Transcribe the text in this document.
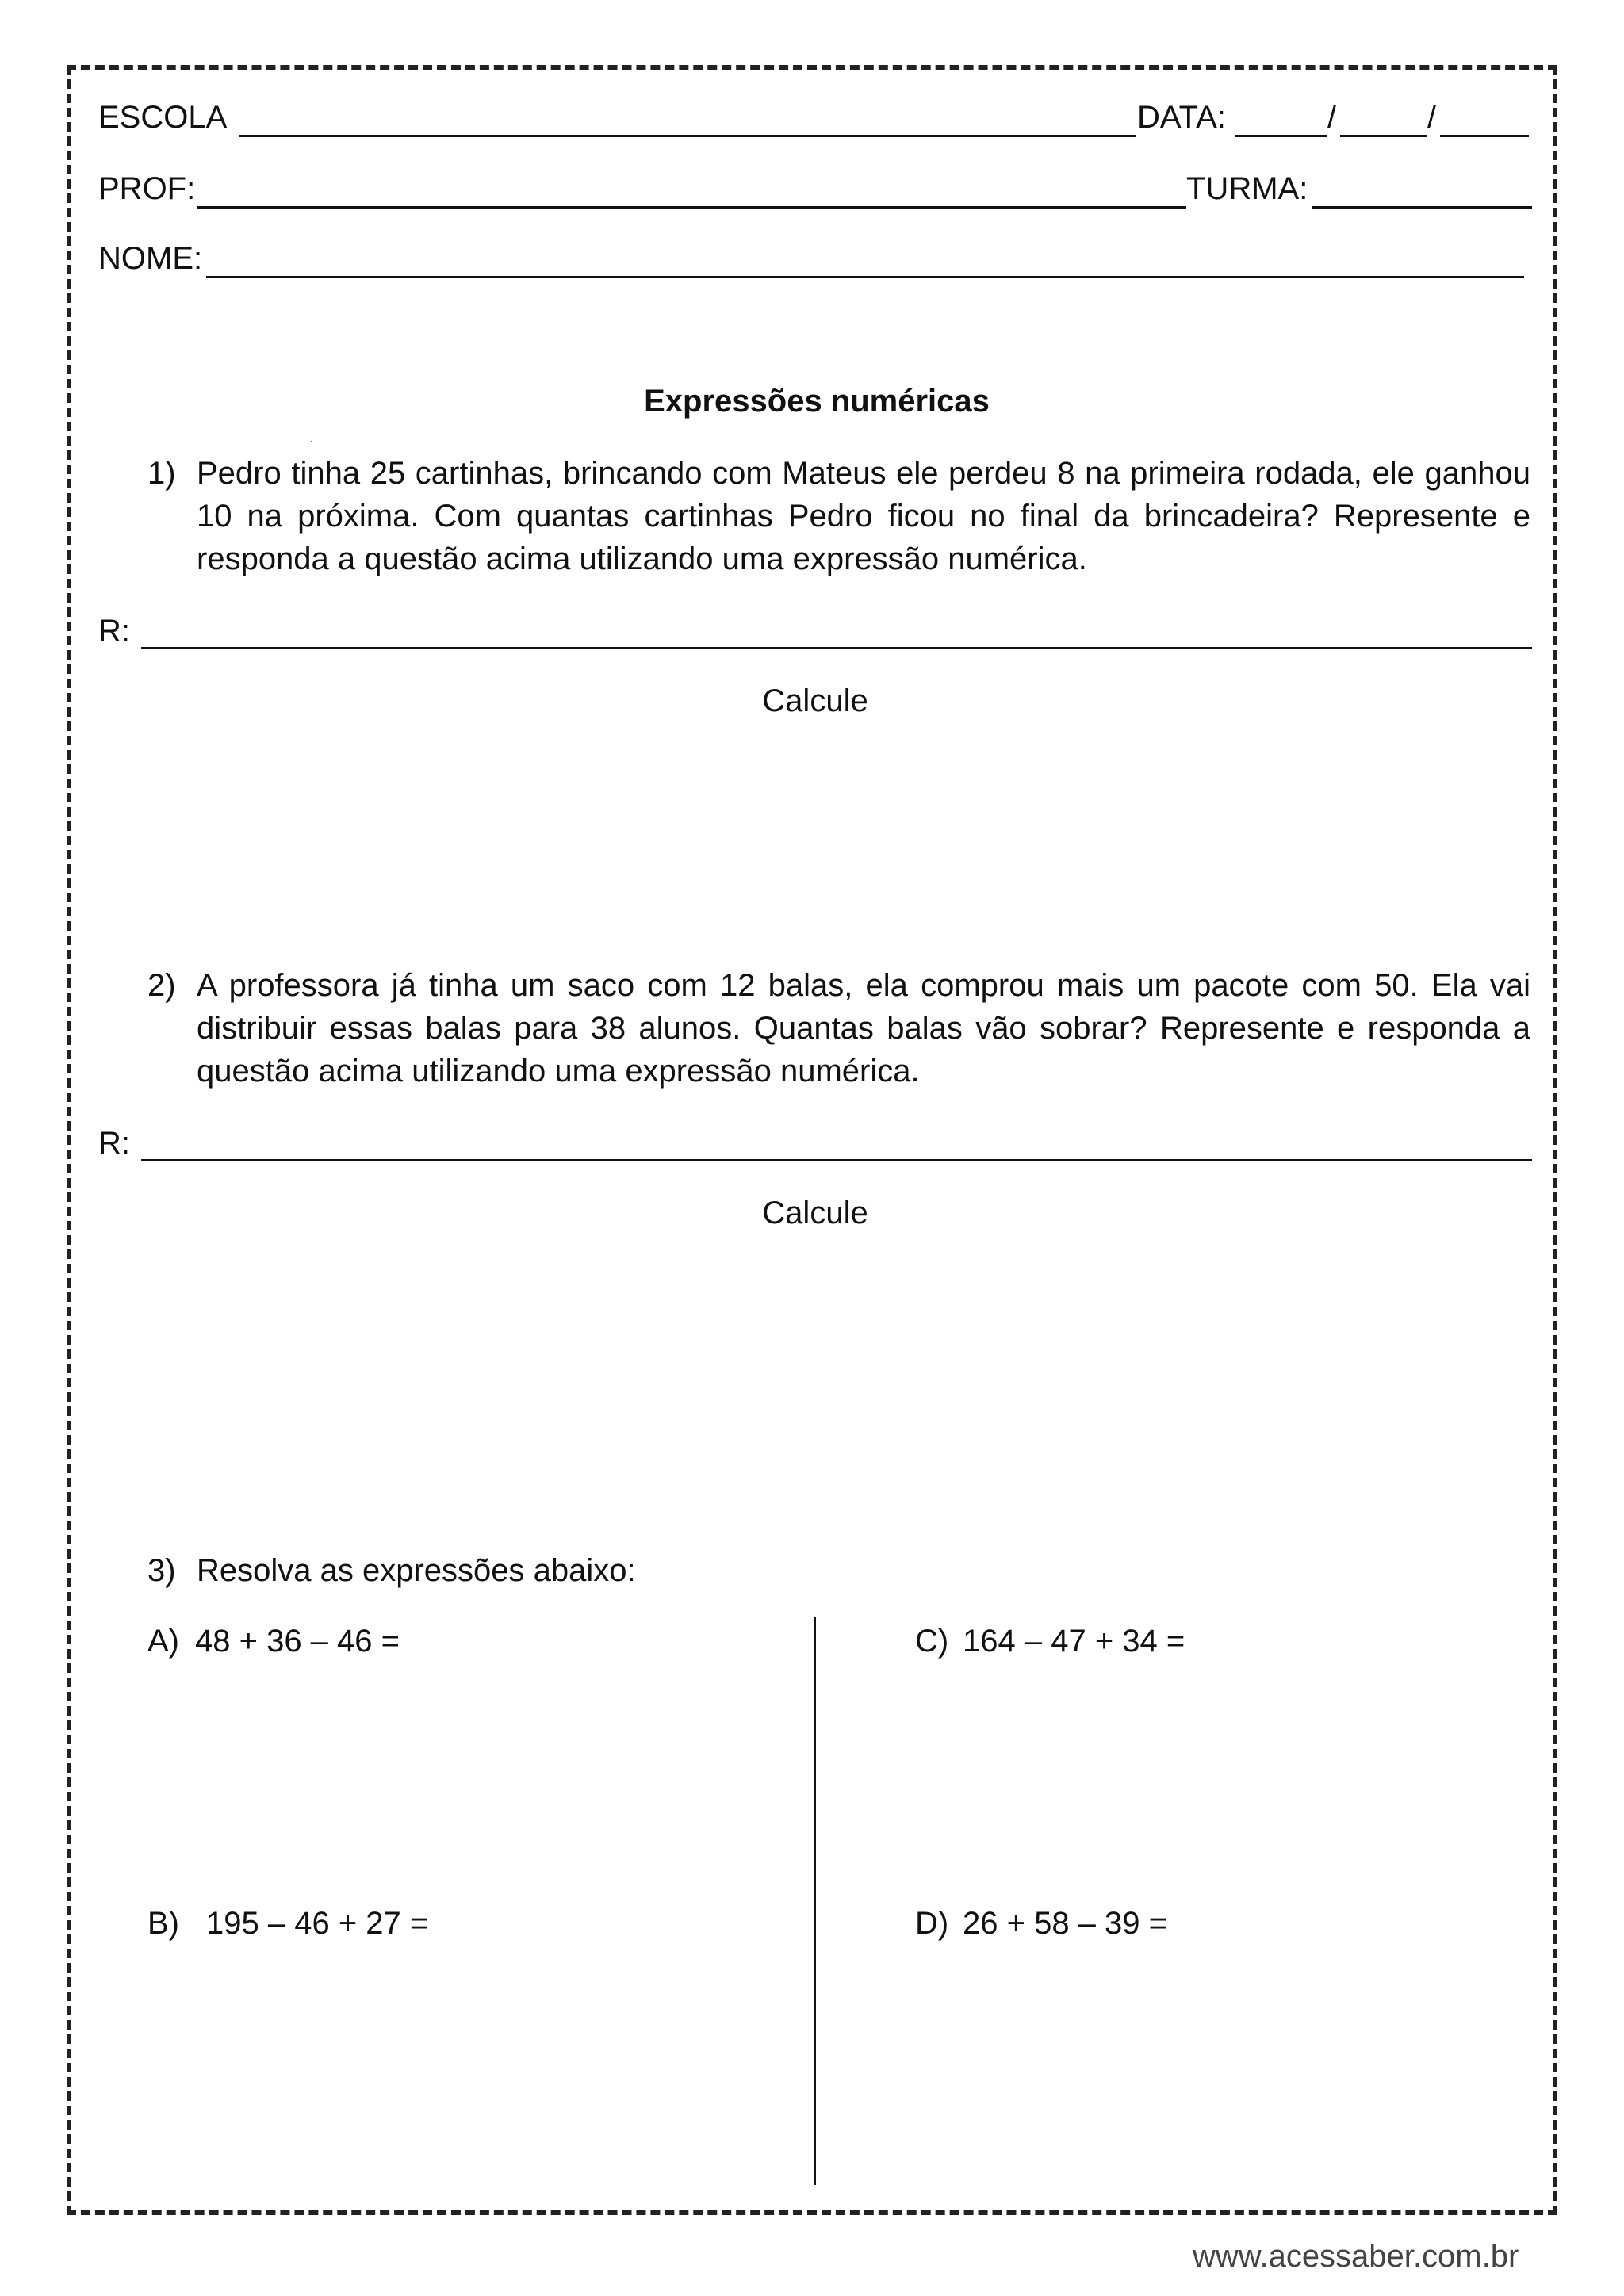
ESCOLA	DATA:	/	/
PROF:	TURMA:
NOME:
Expressões numéricas
1) Pedro tinha 25 cartinhas, brincando com Mateus ele perdeu 8 na primeira rodada, ele ganhou 10 na próxima. Com quantas cartinhas Pedro ficou no final da brincadeira? Represente e responda a questão acima utilizando uma expressão numérica.
R:
Calcule
2) A professora já tinha um saco com 12 balas, ela comprou mais um pacote com 50. Ela vai distribuir essas balas para 38 alunos. Quantas balas vão sobrar? Represente e responda a questão acima utilizando uma expressão numérica.
R:
Calcule
3) Resolva as expressões abaixo:
A) 48 + 36 – 46 =	C) 164 – 47 + 34 =
B) 195 – 46 + 27 =	D) 26 + 58 – 39 =
www.acessaber.com.br
